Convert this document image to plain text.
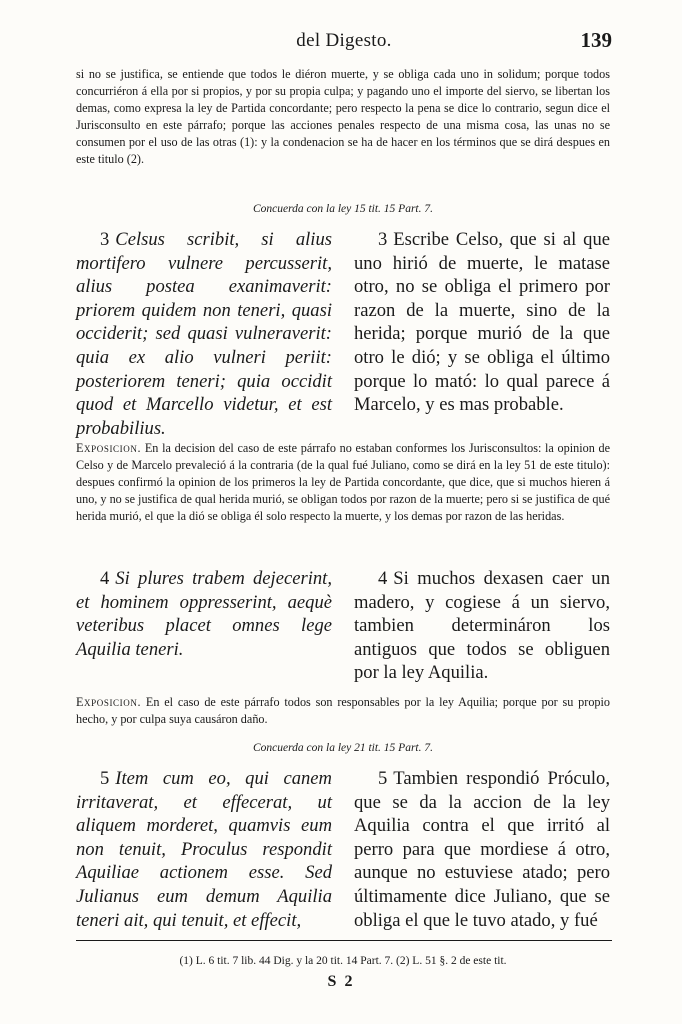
del Digesto.	139
si no se justifica, se entiende que todos le diéron muerte, y se obliga cada uno in solidum; porque todos concurriéron á ella por si propios, y por su propia culpa; y pagando uno el importe del siervo, se libertan los demas, como expresa la ley de Partida concordante; pero respecto la pena se dice lo contrario, segun dice el Jurisconsulto en este párrafo; porque las acciones penales respecto de una misma cosa, las unas no se consumen por el uso de las otras (1): y la condenacion se ha de hacer en los términos que se dirá despues en este titulo (2).
Concuerda con la ley 15 tit. 15 Part. 7.
3 Celsus scribit, si alius mortifero vulnere percusserit, alius postea exanimaverit: priorem quidem non teneri, quasi occiderit; sed quasi vulneraverit: quia ex alio vulneri periit: posteriorem teneri; quia occidit quod et Marcello videtur, et est probabilius.
3 Escribe Celso, que si al que uno hirió de muerte, le matase otro, no se obliga el primero por razon de la muerte, sino de la herida; porque murió de la que otro le dió; y se obliga el último porque lo mató: lo qual parece á Marcelo, y es mas probable.
Exposicion. En la decision del caso de este párrafo no estaban conformes los Jurisconsultos: la opinion de Celso y de Marcelo prevaleció á la contraria (de la qual fué Juliano, como se dirá en la ley 51 de este titulo): despues confirmó la opinion de los primeros la ley de Partida concordante, que dice, que si muchos hieren á uno, y no se justifica de qual herida murió, se obligan todos por razon de la muerte; pero si se justifica de qué herida murió, el que la dió se obliga él solo respecto la muerte, y los demas por razon de las heridas.
4 Si plures trabem dejecerint, et hominem oppresserint, aequè veteribus placet omnes lege Aquilia teneri.
4 Si muchos dexasen caer un madero, y cogiese á un siervo, tambien determináron los antiguos que todos se obliguen por la ley Aquilia.
Exposicion. En el caso de este párrafo todos son responsables por la ley Aquilia; porque por su propio hecho, y por culpa suya causáron daño.
Concuerda con la ley 21 tit. 15 Part. 7.
5 Item cum eo, qui canem irritaverat, et effecerat, ut aliquem morderet, quamvis eum non tenuit, Proculus respondit Aquiliae actionem esse. Sed Julianus eum demum Aquilia teneri ait, qui tenuit, et effecit,
5 Tambien respondió Próculo, que se da la accion de la ley Aquilia contra el que irritó al perro para que mordiese á otro, aunque no estuviese atado; pero últimamente dice Juliano, que se obliga el que le tuvo atado, y fué
(1) L. 6 tit. 7 lib. 44 Dig. y la 20 tit. 14 Part. 7. (2) L. 51 §. 2 de este tit.
S 2
